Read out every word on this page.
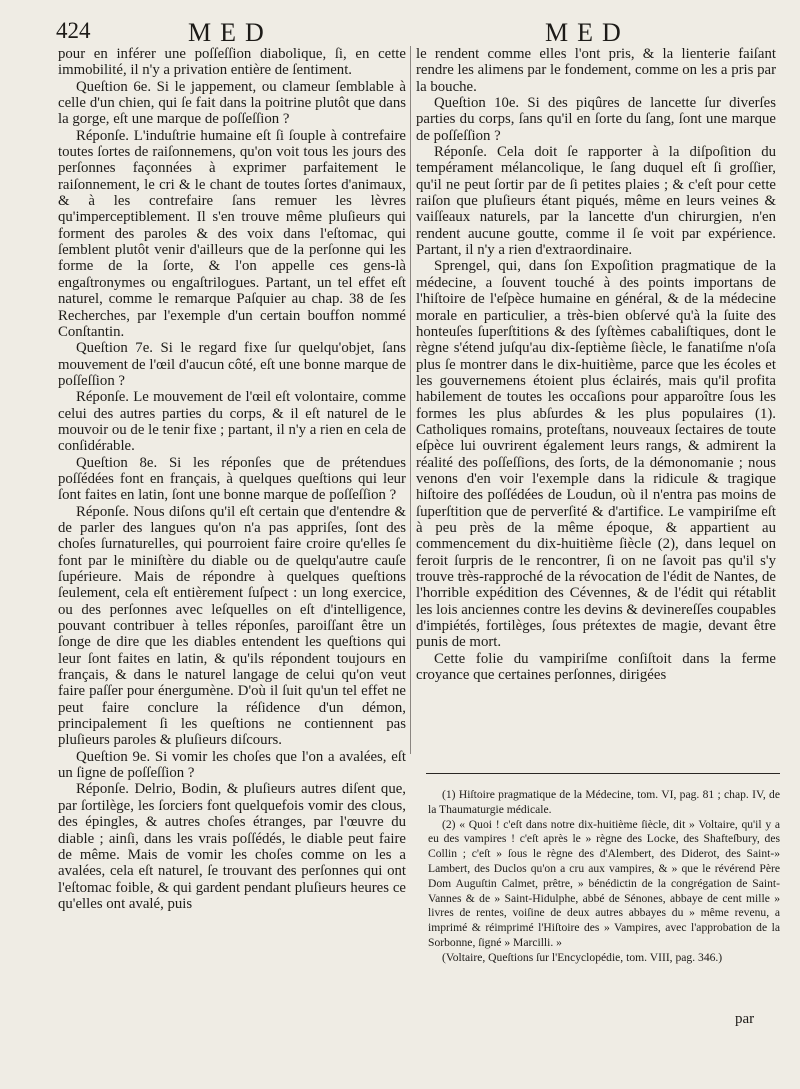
424	MED	MED

pour en inférer une poſſeſſion diabolique, ſi, en cette immobilité, il n'y a privation entière de ſentiment.

Queſtion 6e. Si le jappement, ou clameur ſemblable à celle d'un chien, qui ſe fait dans la poitrine plutôt que dans la gorge, eſt une marque de poſſeſſion ?

Réponſe. L'induſtrie humaine eſt ſi ſouple à contrefaire toutes ſortes de raiſonnemens, qu'on voit tous les jours des perſonnes façonnées à exprimer parfaitement le raiſonnement, le cri & le chant de toutes ſortes d'animaux, & à les contrefaire ſans remuer les lèvres qu'imperceptiblement. Il s'en trouve même pluſieurs qui forment des paroles & des voix dans l'eſtomac, qui ſemblent plutôt venir d'ailleurs que de la perſonne qui les forme de la ſorte, & l'on appelle ces gens-là engaſtronymes ou engaſtrilogues. Partant, un tel effet eſt naturel, comme le remarque Paſquier au chap. 38 de ſes Recherches, par l'exemple d'un certain bouffon nommé Conſtantin.

Queſtion 7e. Si le regard fixe ſur quelqu'objet, ſans mouvement de l'œil d'aucun côté, eſt une bonne marque de poſſeſſion ?

Réponſe. Le mouvement de l'œil eſt volontaire, comme celui des autres parties du corps, & il eſt naturel de le mouvoir ou de le tenir fixe ; partant, il n'y a rien en cela de conſidérable.

Queſtion 8e. Si les réponſes que de prétendues poſſédées font en français, à quelques queſtions qui leur ſont faites en latin, ſont une bonne marque de poſſeſſion ?

Réponſe. Nous diſons qu'il eſt certain que d'entendre & de parler des langues qu'on n'a pas appriſes, ſont des choſes ſurnaturelles, qui pourroient faire croire qu'elles ſe font par le miniſtère du diable ou de quelqu'autre cauſe ſupérieure. Mais de répondre à quelques queſtions ſeulement, cela eſt entièrement ſuſpect : un long exercice, ou des perſonnes avec leſquelles on eſt d'intelligence, pouvant contribuer à telles réponſes, paroiſſant être un ſonge de dire que les diables entendent les queſtions qui leur ſont faites en latin, & qu'ils répondent toujours en français, & dans le naturel langage de celui qu'on veut faire paſſer pour énergumène. D'où il ſuit qu'un tel effet ne peut faire conclure la réſidence d'un démon, principalement ſi les queſtions ne contiennent pas pluſieurs paroles & pluſieurs diſcours.

Queſtion 9e. Si vomir les choſes que l'on a avalées, eſt un ſigne de poſſeſſion ?

Réponſe. Delrio, Bodin, & pluſieurs autres diſent que, par ſortilège, les ſorciers font quelquefois vomir des clous, des épingles, & autres choſes étranges, par l'œuvre du diable ; ainſi, dans les vrais poſſédés, le diable peut faire de même. Mais de vomir les choſes comme on les a avalées, cela eſt naturel, ſe trouvant des perſonnes qui ont l'eſtomac foible, & qui gardent pendant pluſieurs heures ce qu'elles ont avalé, puis

le rendent comme elles l'ont pris, & la lienterie faiſant rendre les alimens par le fondement, comme on les a pris par la bouche.

Queſtion 10e. Si des piqûres de lancette ſur diverſes parties du corps, ſans qu'il en ſorte du ſang, ſont une marque de poſſeſſion ?

Réponſe. Cela doit ſe rapporter à la diſpoſition du tempérament mélancolique, le ſang duquel eſt ſi groſſier, qu'il ne peut ſortir par de ſi petites plaies ; & c'eſt pour cette raiſon que pluſieurs étant piqués, même en leurs veines & vaiſſeaux naturels, par la lancette d'un chirurgien, n'en rendent aucune goutte, comme il ſe voit par expérience. Partant, il n'y a rien d'extraordinaire.

Sprengel, qui, dans ſon Expoſition pragmatique de la médecine, a ſouvent touché à des points importans de l'hiſtoire de l'eſpèce humaine en général, & de la médecine morale en particulier, a très-bien obſervé qu'à la ſuite des honteuſes ſuperſtitions & des ſyſtèmes cabaliſtiques, dont le règne s'étend juſqu'au dix-ſeptième ſiècle, le fanatiſme n'oſa plus ſe montrer dans le dix-huitième, parce que les écoles et les gouvernemens étoient plus éclairés, mais qu'il profita habilement de toutes les occaſions pour apparoître ſous les formes les plus abſurdes & les plus populaires (1). Catholiques romains, proteſtans, nouveaux ſectaires de toute eſpèce lui ouvrirent également leurs rangs, & admirent la réalité des poſſeſſions, des ſorts, de la démonomanie ; nous venons d'en voir l'exemple dans la ridicule & tragique hiſtoire des poſſédées de Loudun, où il n'entra pas moins de ſuperſtition que de perverſité & d'artifice. Le vampiriſme eſt à peu près de la même époque, & appartient au commencement du dix-huitième ſiècle (2), dans lequel on feroit ſurpris de le rencontrer, ſi on ne ſavoit pas qu'il s'y trouve très-rapproché de la révocation de l'édit de Nantes, de l'horrible expédition des Cévennes, & de l'édit qui rétablit les lois anciennes contre les devins & devinereſſes coupables d'impiétés, fortilèges, ſous prétextes de magie, devant être punis de mort.

Cette folie du vampiriſme conſiſtoit dans la ferme croyance que certaines perſonnes, dirigées

(1) Hiſtoire pragmatique de la Médecine, tom. VI, pag. 81 ; chap. IV, de la Thaumaturgie médicale.

(2) « Quoi ! c'eſt dans notre dix-huitième ſiècle, dit » Voltaire, qu'il y a eu des vampires ! c'eſt après le » règne des Locke, des Shafteſbury, des Collin ; c'eſt » ſous le règne des d'Alembert, des Diderot, des Saint-» Lambert, des Duclos qu'on a cru aux vampires, & » que le révérend Père Dom Auguſtin Calmet, prêtre, » bénédictin de la congrégation de Saint-Vannes & de » Saint-Hidulphe, abbé de Sénones, abbaye de cent mille » livres de rentes, voiſine de deux autres abbayes du » même revenu, a imprimé & réimprimé l'Hiſtoire des » Vampires, avec l'approbation de la Sorbonne, ſigné » Marcilli. »

(Voltaire, Queſtions ſur l'Encyclopédie, tom. VIII, pag. 346.)

par
